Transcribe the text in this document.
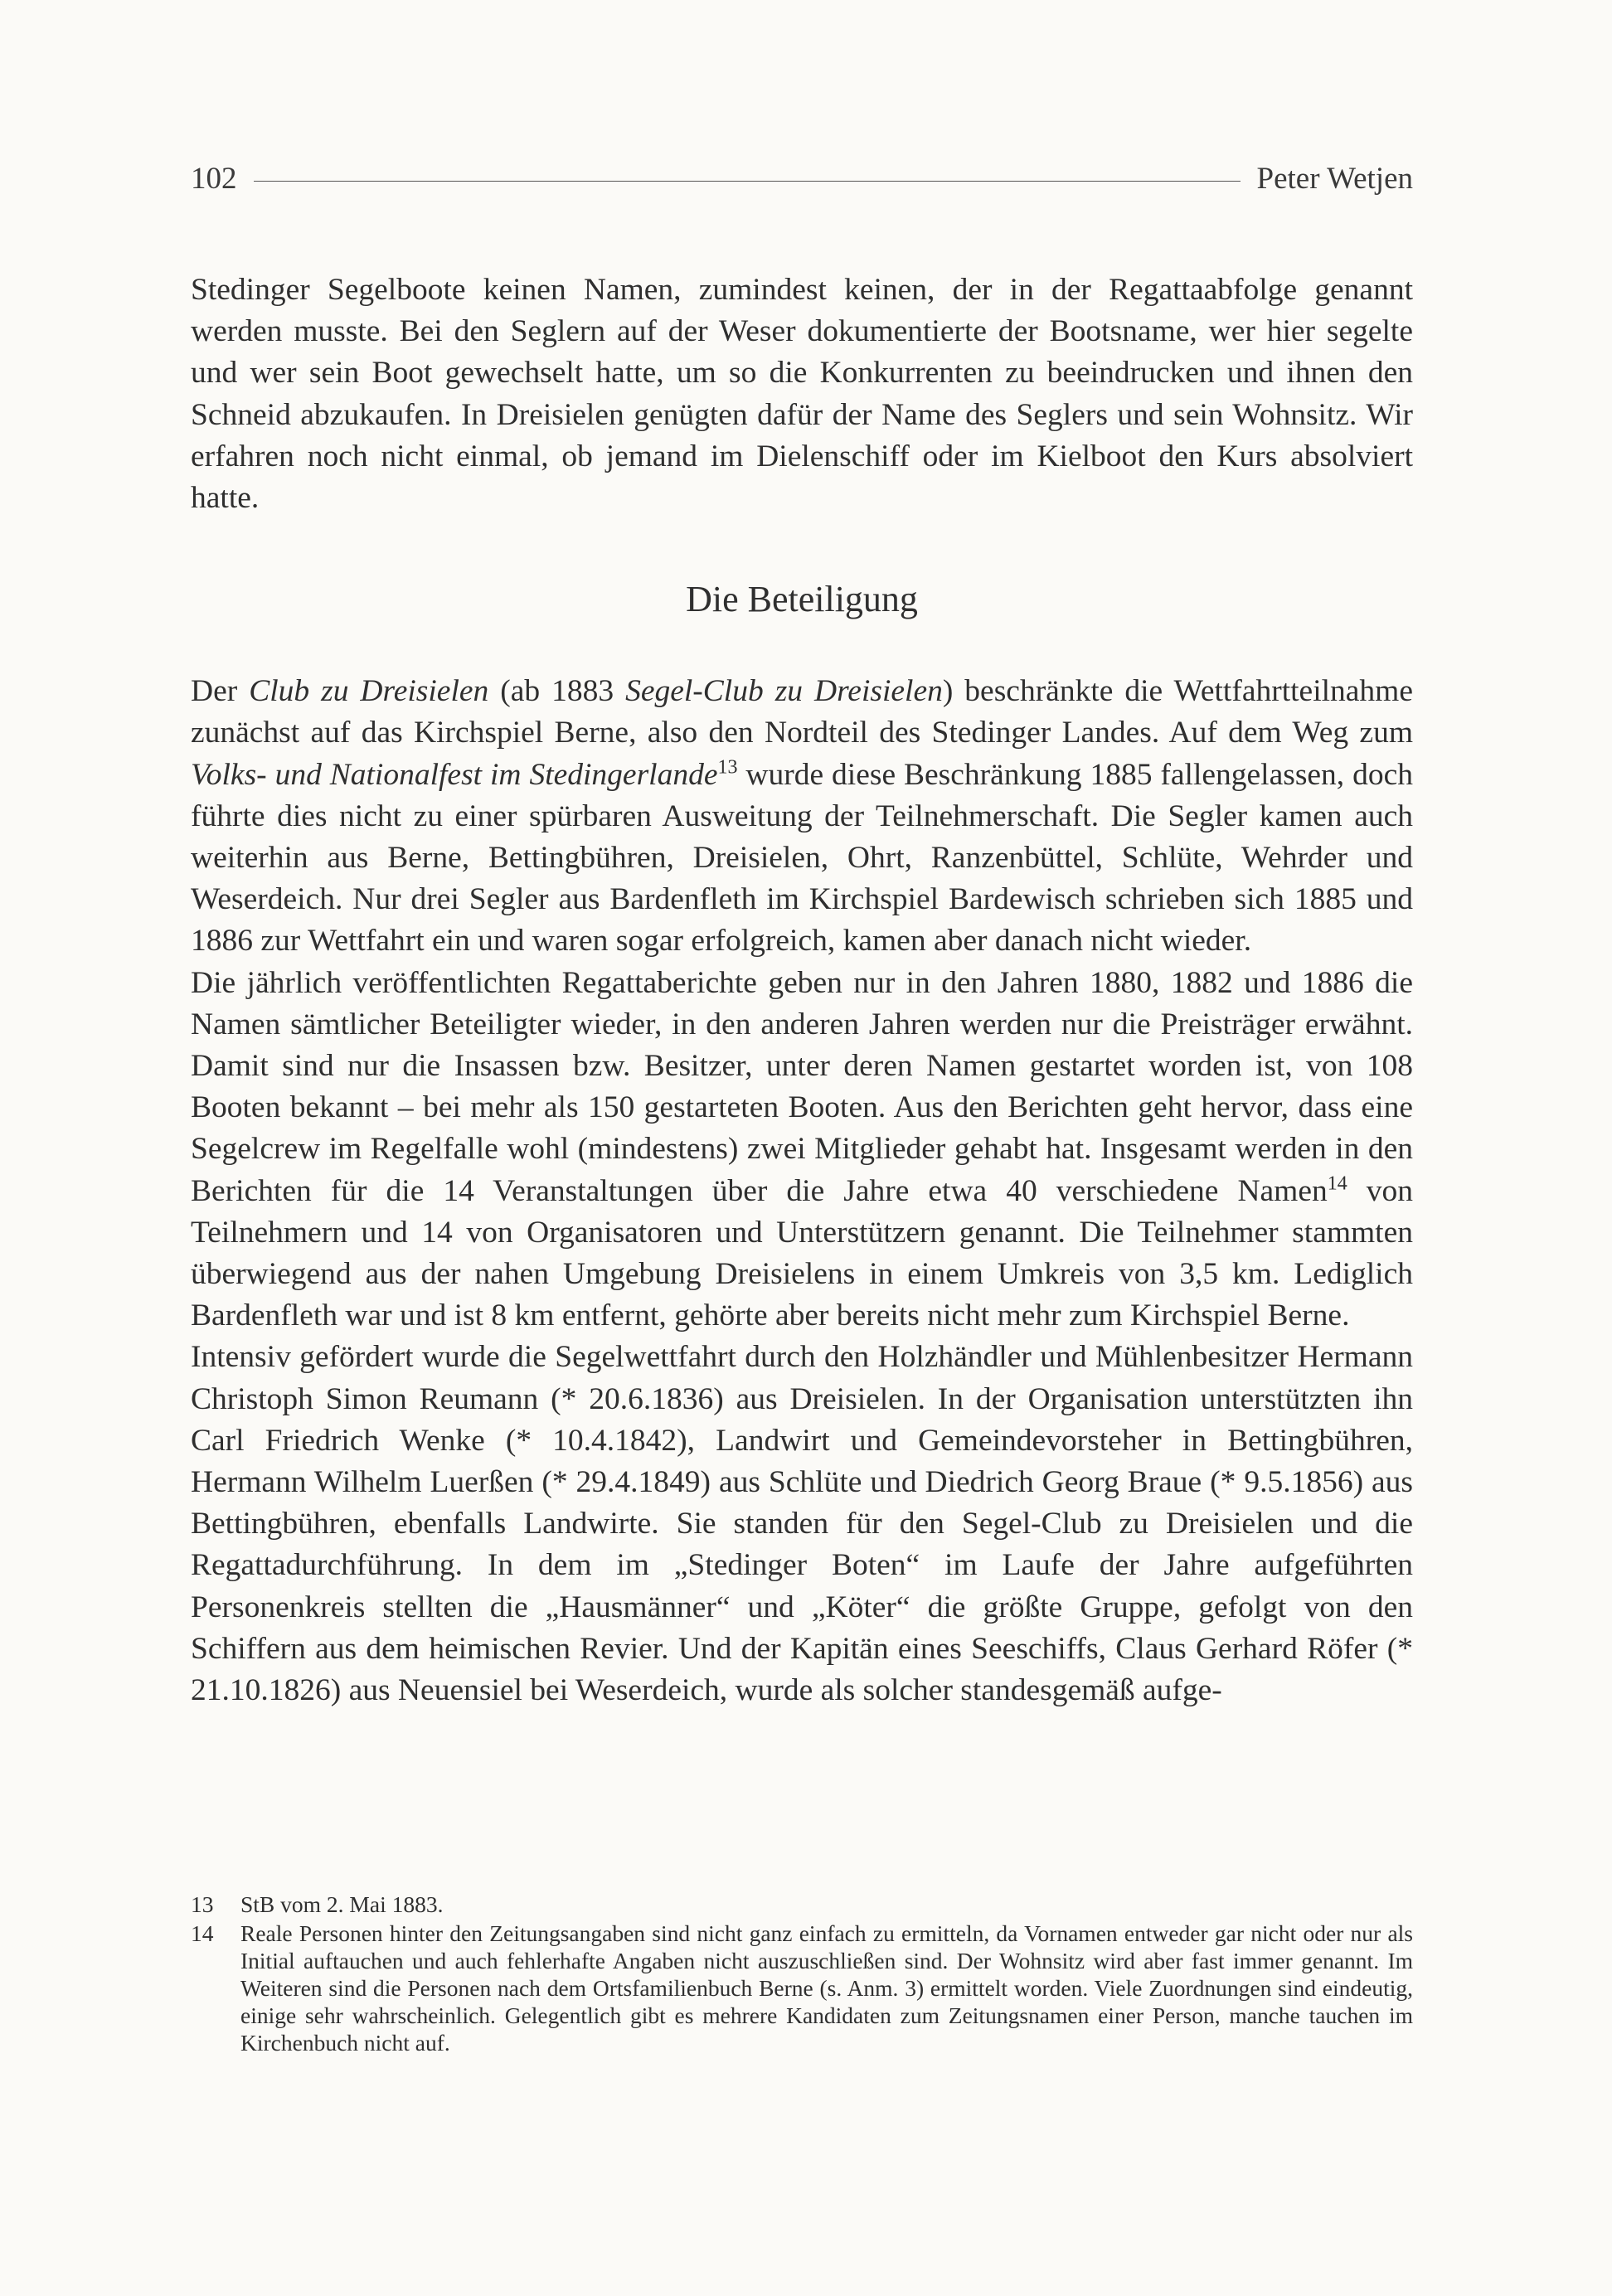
102	Peter Wetjen

Stedinger Segelboote keinen Namen, zumindest keinen, der in der Regattaabfolge genannt werden musste. Bei den Seglern auf der Weser dokumentierte der Bootsname, wer hier segelte und wer sein Boot gewechselt hatte, um so die Konkurrenten zu beeindrucken und ihnen den Schneid abzukaufen. In Dreisielen genügten dafür der Name des Seglers und sein Wohnsitz. Wir erfahren noch nicht einmal, ob jemand im Dielenschiff oder im Kielboot den Kurs absolviert hatte.

Die Beteiligung

Der Club zu Dreisielen (ab 1883 Segel-Club zu Dreisielen) beschränkte die Wettfahrtteilnahme zunächst auf das Kirchspiel Berne, also den Nordteil des Stedinger Landes. Auf dem Weg zum Volks- und Nationalfest im Stedingerlande$^{13}$ wurde diese Beschränkung 1885 fallengelassen, doch führte dies nicht zu einer spürbaren Ausweitung der Teilnehmerschaft. Die Segler kamen auch weiterhin aus Berne, Bettingbühren, Dreisielen, Ohrt, Ranzenbüttel, Schlüte, Wehrder und Weserdeich. Nur drei Segler aus Bardenfleth im Kirchspiel Bardewisch schrieben sich 1885 und 1886 zur Wettfahrt ein und waren sogar erfolgreich, kamen aber danach nicht wieder.

Die jährlich veröffentlichten Regattaberichte geben nur in den Jahren 1880, 1882 und 1886 die Namen sämtlicher Beteiligter wieder, in den anderen Jahren werden nur die Preisträger erwähnt. Damit sind nur die Insassen bzw. Besitzer, unter deren Namen gestartet worden ist, von 108 Booten bekannt – bei mehr als 150 gestarteten Booten. Aus den Berichten geht hervor, dass eine Segelcrew im Regelfalle wohl (mindestens) zwei Mitglieder gehabt hat. Insgesamt werden in den Berichten für die 14 Veranstaltungen über die Jahre etwa 40 verschiedene Namen$^{14}$ von Teilnehmern und 14 von Organisatoren und Unterstützern genannt. Die Teilnehmer stammten überwiegend aus der nahen Umgebung Dreisielens in einem Umkreis von 3,5 km. Lediglich Bardenfleth war und ist 8 km entfernt, gehörte aber bereits nicht mehr zum Kirchspiel Berne.

Intensiv gefördert wurde die Segelwettfahrt durch den Holzhändler und Mühlenbesitzer Hermann Christoph Simon Reumann (* 20.6.1836) aus Dreisielen. In der Organisation unterstützten ihn Carl Friedrich Wenke (* 10.4.1842), Landwirt und Gemeindevorsteher in Bettingbühren, Hermann Wilhelm Luerßen (* 29.4.1849) aus Schlüte und Diedrich Georg Braue (* 9.5.1856) aus Bettingbühren, ebenfalls Landwirte. Sie standen für den Segel-Club zu Dreisielen und die Regattadurchführung. In dem im „Stedinger Boten“ im Laufe der Jahre aufgeführten Personenkreis stellten die „Hausmänner“ und „Köter“ die größte Gruppe, gefolgt von den Schiffern aus dem heimischen Revier. Und der Kapitän eines Seeschiffs, Claus Gerhard Röfer (* 21.10.1826) aus Neuensiel bei Weserdeich, wurde als solcher standesgemäß aufge-

13	StB vom 2. Mai 1883.
14	Reale Personen hinter den Zeitungsangaben sind nicht ganz einfach zu ermitteln, da Vornamen entweder gar nicht oder nur als Initial auftauchen und auch fehlerhafte Angaben nicht auszuschließen sind. Der Wohnsitz wird aber fast immer genannt. Im Weiteren sind die Personen nach dem Ortsfamilienbuch Berne (s. Anm. 3) ermittelt worden. Viele Zuordnungen sind eindeutig, einige sehr wahrscheinlich. Gelegentlich gibt es mehrere Kandidaten zum Zeitungsnamen einer Person, manche tauchen im Kirchenbuch nicht auf.
